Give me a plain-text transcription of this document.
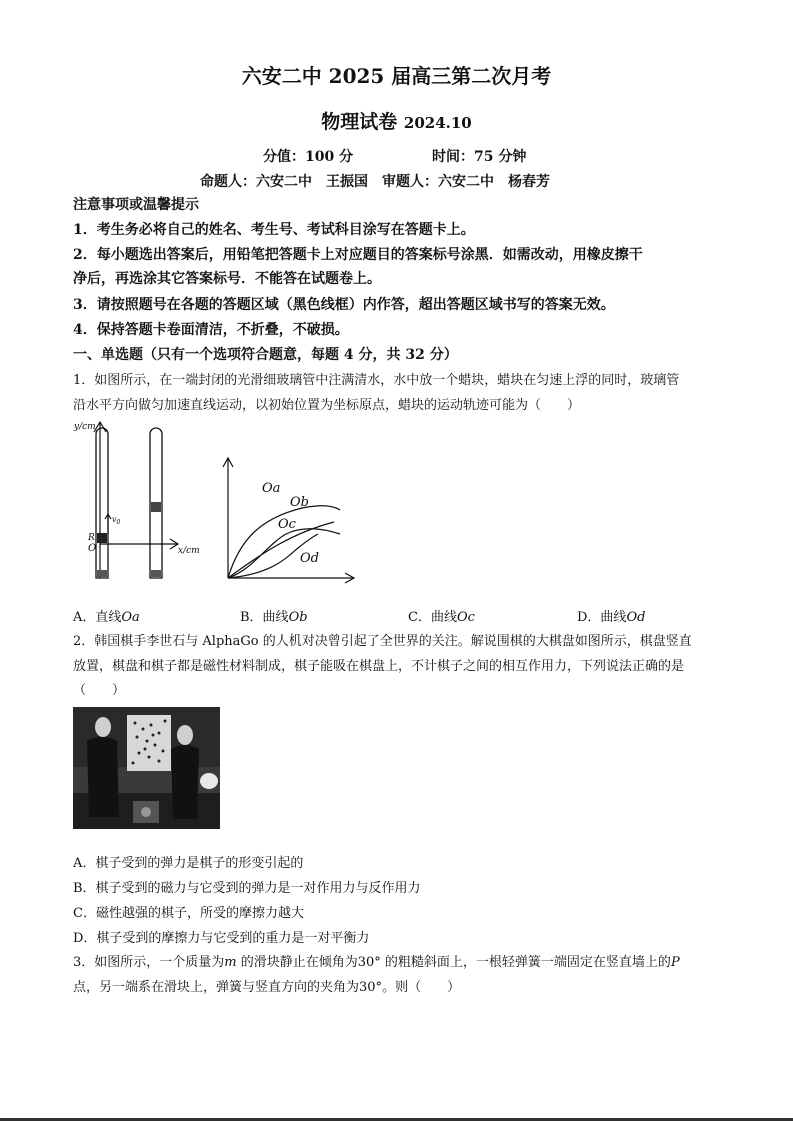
六安二中 2025 届高三第二次月考
物理试卷 2024.10
分值：100 分	时间：75 分钟
命题人：六安二中　王振国　审题人：六安二中　杨春芳
注意事项或温馨提示
1．考生务必将自己的姓名、考生号、考试科目涂写在答题卡上。
2．每小题选出答案后，用铅笔把答题卡上对应题目的答案标号涂黑．如需改动，用橡皮擦干
净后，再选涂其它答案标号．不能答在试题卷上。
3．请按照题号在各题的答题区域（黑色线框）内作答，超出答题区域书写的答案无效。
4．保持答题卡卷面清洁，不折叠，不破损。
一、单选题（只有一个选项符合题意，每题 4 分，共 32 分）
1．如图所示，在一端封闭的光滑细玻璃管中注满清水，水中放一个蜡块，蜡块在匀速上浮的同时，玻璃管
沿水平方向做匀加速直线运动，以初始位置为坐标原点，蜡块的运动轨迹可能为（　　）
y/cm
x/cm
O
R
$v_0$
Oa
Ob
Oc
Od
A．直线Oa	B．曲线Ob	C．曲线Oc	D．曲线Od
2．韩国棋手李世石与 AlphaGo 的人机对决曾引起了全世界的关注。解说围棋的大棋盘如图所示，棋盘竖直
放置，棋盘和棋子都是磁性材料制成，棋子能吸在棋盘上，不计棋子之间的相互作用力，下列说法正确的是
（　　）
A．棋子受到的弹力是棋子的形变引起的
B．棋子受到的磁力与它受到的弹力是一对作用力与反作用力
C．磁性越强的棋子，所受的摩擦力越大
D．棋子受到的摩擦力与它受到的重力是一对平衡力
3．如图所示，一个质量为m 的滑块静止在倾角为30° 的粗糙斜面上，一根轻弹簧一端固定在竖直墙上的P
点，另一端系在滑块上，弹簧与竖直方向的夹角为30°。则（　　）
